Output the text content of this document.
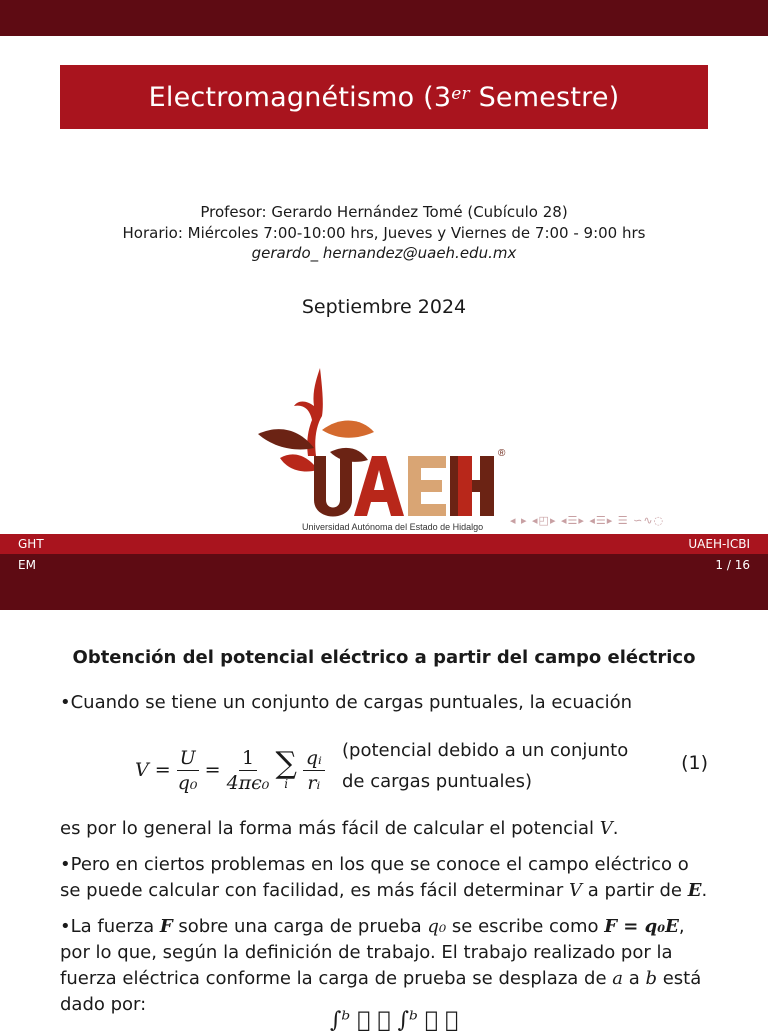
Electromagnétismo (3er Semestre)
Profesor: Gerardo Hernández Tomé (Cubículo 28)
Horario: Miércoles 7:00-10:00 hrs, Jueves y Viernes de 7:00 - 9:00 hrs
gerardo_ hernandez@uaeh.edu.mx
Septiembre 2024
®
Universidad Autónoma del Estado de Hidalgo ◂ ▸ ◂◰▸ ◂☰▸ ◂☰▸ ☰ ∽∿◌
GHT	UAEH-ICBI
EM	1 / 16
Obtención del potencial eléctrico a partir del campo eléctrico
•Cuando se tiene un conjunto de cargas puntuales, la ecuación
$V = \frac{U}{\text{q₀}} = \frac{1}{\text{4πϵ₀}}$ ∑
i $\frac{\text{qᵢ}}{\text{rᵢ}}$ (potencial debido a un conjunto
de cargas puntuales)
(1)
es por lo general la forma más fácil de calcular el potencial V.
•Pero en ciertos problemas en los que se conoce el campo eléctrico o se puede calcular con facilidad, es más fácil determinar V a partir de E.
•La fuerza F sobre una carga de prueba q₀ se escribe como F = q₀E, por lo que, según la definición de trabajo. El trabajo realizado por la fuerza eléctrica conforme la carga de prueba se desplaza de a a b está dado por:
∫ᵇ ⃗ ⃗ ∫ᵇ ⃗ ⃗
